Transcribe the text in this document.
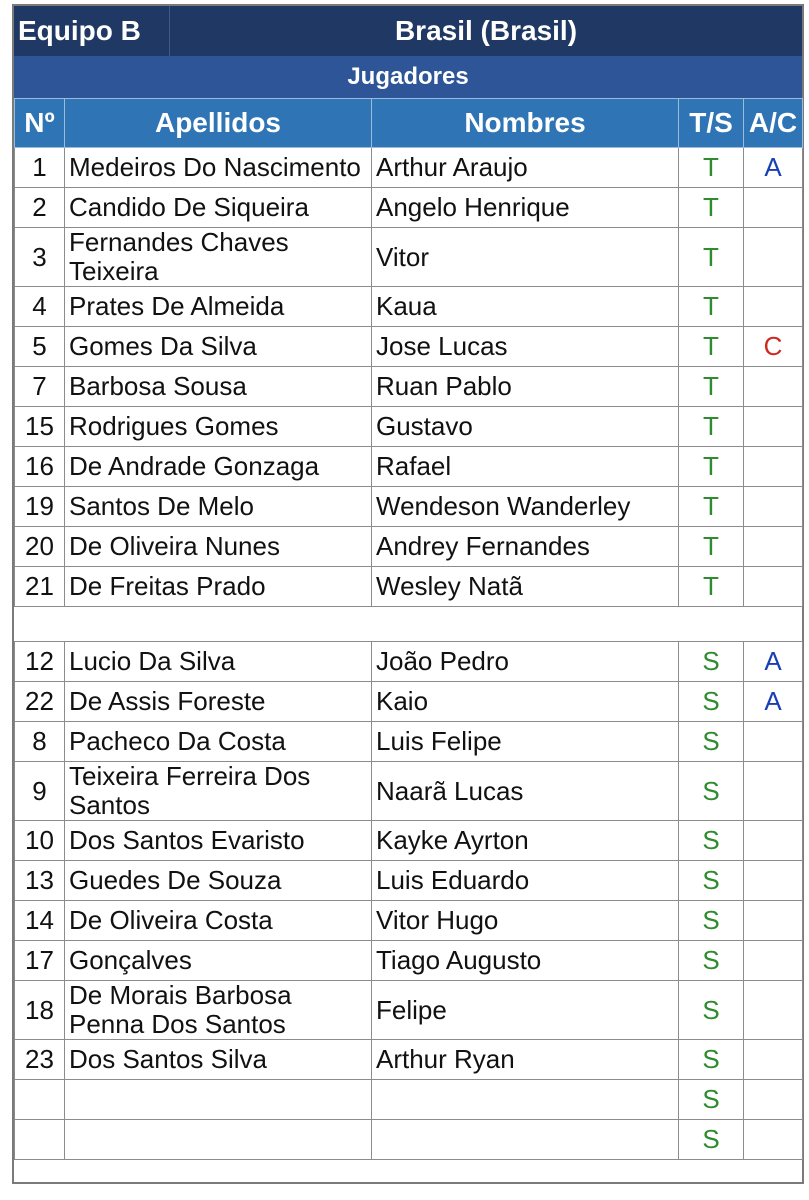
Equipo B	Brasil (Brasil)
Jugadores
Nº	Apellidos	Nombres	T/S	A/C
1	Medeiros Do Nascimento	Arthur Araujo	T	A
2	Candido De Siqueira	Angelo Henrique	T	
3	Fernandes Chaves Teixeira	Vitor	T	
4	Prates De Almeida	Kaua	T	
5	Gomes Da Silva	Jose Lucas	T	C
7	Barbosa Sousa	Ruan Pablo	T	
15	Rodrigues Gomes	Gustavo	T	
16	De Andrade Gonzaga	Rafael	T	
19	Santos De Melo	Wendeson Wanderley	T	
20	De Oliveira Nunes	Andrey Fernandes	T	
21	De Freitas Prado	Wesley Natã	T	

12	Lucio Da Silva	João Pedro	S	A
22	De Assis Foreste	Kaio	S	A
8	Pacheco Da Costa	Luis Felipe	S	
9	Teixeira Ferreira Dos Santos	Naarã Lucas	S	
10	Dos Santos Evaristo	Kayke Ayrton	S	
13	Guedes De Souza	Luis Eduardo	S	
14	De Oliveira Costa	Vitor Hugo	S	
17	Gonçalves	Tiago Augusto	S	
18	De Morais Barbosa Penna Dos Santos	Felipe	S	
23	Dos Santos Silva	Arthur Ryan	S	
			S	
			S	
